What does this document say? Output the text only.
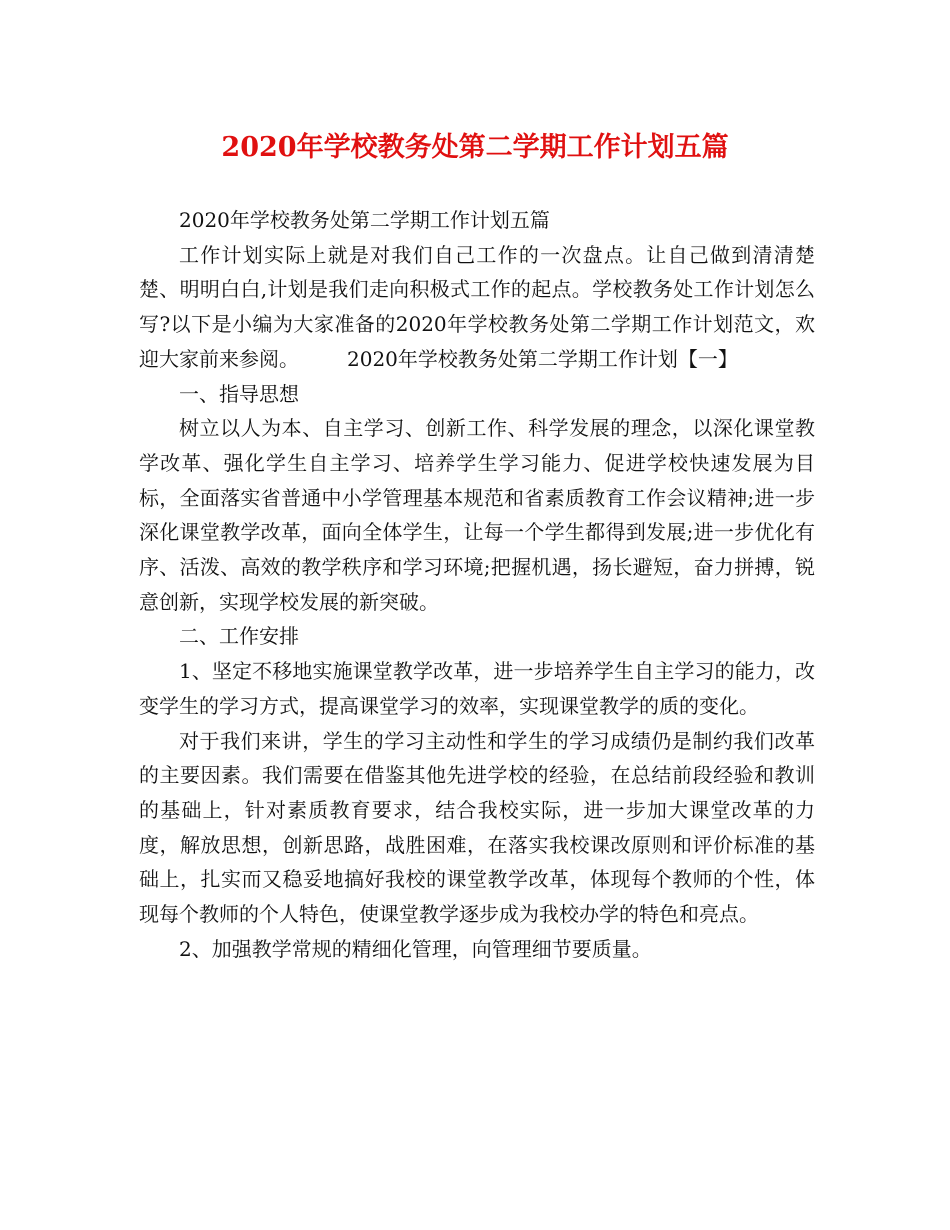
2020年学校教务处第二学期工作计划五篇

2020年学校教务处第二学期工作计划五篇

工作计划实际上就是对我们自己工作的一次盘点。让自己做到清清楚楚、明明白白,计划是我们走向积极式工作的起点。学校教务处工作计划怎么写?以下是小编为大家准备的2020年学校教务处第二学期工作计划范文，欢迎大家前来参阅。 2020年学校教务处第二学期工作计划【一】

一、指导思想

树立以人为本、自主学习、创新工作、科学发展的理念，以深化课堂教学改革、强化学生自主学习、培养学生学习能力、促进学校快速发展为目标，全面落实省普通中小学管理基本规范和省素质教育工作会议精神;进一步深化课堂教学改革，面向全体学生，让每一个学生都得到发展;进一步优化有序、活泼、高效的教学秩序和学习环境;把握机遇，扬长避短，奋力拼搏，锐意创新，实现学校发展的新突破。

二、工作安排

1、坚定不移地实施课堂教学改革，进一步培养学生自主学习的能力，改变学生的学习方式，提高课堂学习的效率，实现课堂教学的质的变化。

对于我们来讲，学生的学习主动性和学生的学习成绩仍是制约我们改革的主要因素。我们需要在借鉴其他先进学校的经验，在总结前段经验和教训的基础上，针对素质教育要求，结合我校实际，进一步加大课堂改革的力度，解放思想，创新思路，战胜困难，在落实我校课改原则和评价标准的基础上，扎实而又稳妥地搞好我校的课堂教学改革，体现每个教师的个性，体现每个教师的个人特色，使课堂教学逐步成为我校办学的特色和亮点。

2、加强教学常规的精细化管理，向管理细节要质量。
